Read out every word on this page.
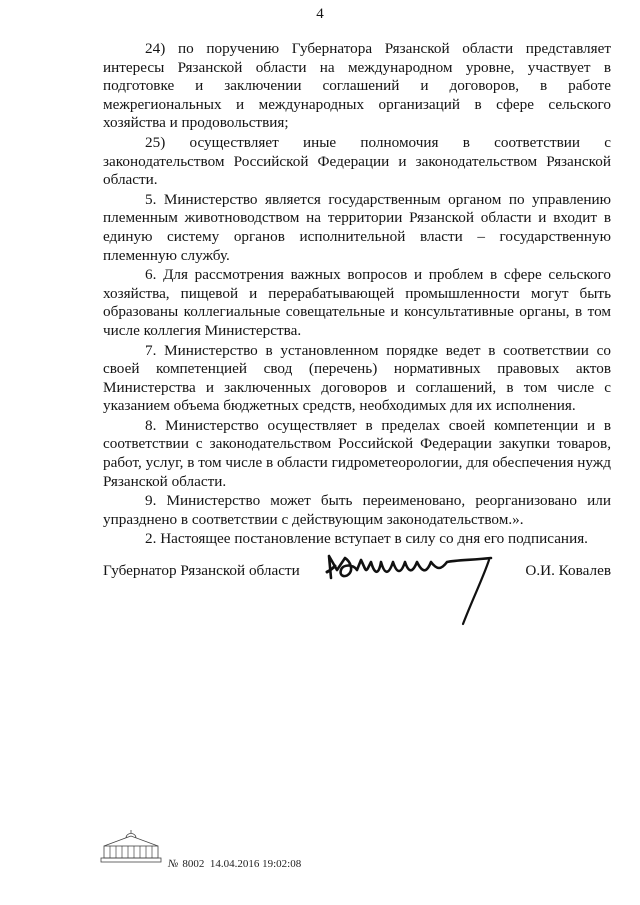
4

24) по поручению Губернатора Рязанской области представляет интересы Рязанской области на международном уровне, участвует в подготовке и заключении соглашений и договоров, в работе межрегиональных и международных организаций в сфере сельского хозяйства и продовольствия;

25) осуществляет иные полномочия в соответствии с законодательством Российской Федерации и законодательством Рязанской области.

5. Министерство является государственным органом по управлению племенным животноводством на территории Рязанской области и входит в единую систему органов исполнительной власти – государственную племенную службу.

6. Для рассмотрения важных вопросов и проблем в сфере сельского хозяйства, пищевой и перерабатывающей промышленности могут быть образованы коллегиальные совещательные и консультативные органы, в том числе коллегия Министерства.

7. Министерство в установленном порядке ведет в соответствии со своей компетенцией свод (перечень) нормативных правовых актов Министерства и заключенных договоров и соглашений, в том числе с указанием объема бюджетных средств, необходимых для их исполнения.

8. Министерство осуществляет в пределах своей компетенции и в соответствии с законодательством Российской Федерации закупки товаров, работ, услуг, в том числе в области гидрометеорологии, для обеспечения нужд Рязанской области.

9. Министерство может быть переименовано, реорганизовано или упразднено в соответствии с действующим законодательством.».

2. Настоящее постановление вступает в силу со дня его подписания.

Губернатор Рязанской области	О.И. Ковалев
№ 8002 14.04.2016 19:02:08
